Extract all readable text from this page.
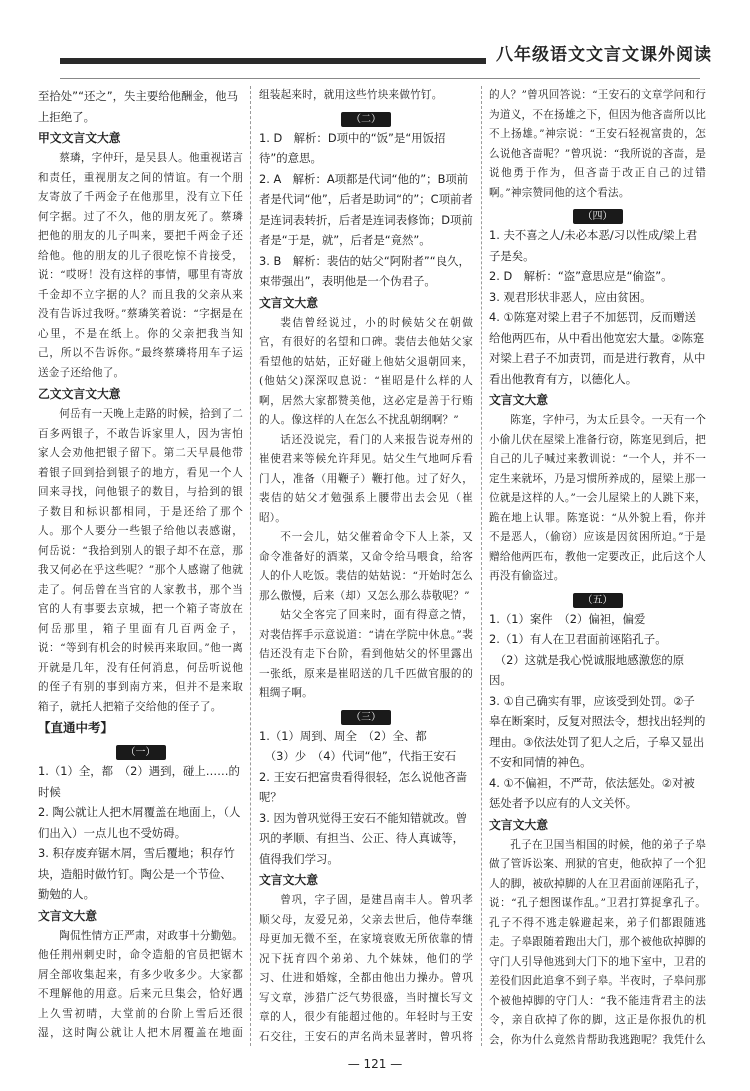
八年级语文文言文课外阅读

至拾处”“还之”，失主要给他酬金，他马上拒绝了。

甲文文言文大意

蔡璘，字仲玕，是吴县人。他重视诺言和责任，重视朋友之间的情谊。有一个朋友寄放了千两金子在他那里，没有立下任何字据。过了不久，他的朋友死了。蔡璘把他的朋友的儿子叫来，要把千两金子还给他。他的朋友的儿子很吃惊不肯接受，说：“哎呀！没有这样的事情，哪里有寄放千金却不立字据的人？而且我的父亲从来没有告诉过我呀。”蔡璘笑着说：“字据是在心里，不是在纸上。你的父亲把我当知己，所以不告诉你。”最终蔡璘将用车子运送金子还给他了。

乙文文言文大意

何岳有一天晚上走路的时候，拾到了二百多两银子，不敢告诉家里人，因为害怕家人会劝他把银子留下。第二天早晨他带着银子回到拾到银子的地方，看见一个人回来寻找，问他银子的数目，与拾到的银子数目和标识都相同，于是还给了那个人。那个人要分一些银子给他以表感谢，何岳说：“我拾到别人的银子却不在意，那我又何必在乎这些呢？”那个人感谢了他就走了。何岳曾在当官的人家教书，那个当官的人有事要去京城，把一个箱子寄放在何岳那里，箱子里面有几百两金子，说：“等到有机会的时候再来取回。”他一离开就是几年，没有任何消息，何岳听说他的侄子有别的事到南方来，但并不是来取箱子，就托人把箱子交给他的侄子了。

【直通中考】

（一）

1.（1）全，都　（2）遇到，碰上……的时候

2. 陶公就让人把木屑覆盖在地面上，（人们出入）一点儿也不受妨碍。

3. 积存废弃锯木屑，雪后覆地；积存竹块，造船时做竹钉。陶公是一个节俭、勤勉的人。

文言文大意

陶侃性情方正严肃，对政事十分勤勉。他任荆州刺史时，命令造船的官员把锯木屑全部收集起来，有多少收多少。大家都不理解他的用意。后来元旦集会，恰好遇上久雪初晴，大堂前的台阶上雪后还很湿，这时陶公就让人把木屑覆盖在地面

组装起来时，就用这些竹块来做竹钉。

（二）

1. D　解析：D项中的“饭”是“用饭招待”的意思。

2. A　解析：A项都是代词“他的”；B项前者是代词“他”，后者是助词“的”；C项前者是连词表转折，后者是连词表修饰；D项前者是“于是，就”，后者是“竟然”。

3. B　解析：裴佶的姑父“阿附者”“良久，束带强出”，表明他是一个伪君子。

文言文大意

裴佶曾经说过，小的时候姑父在朝做官，有很好的名望和口碑。裴佶去他姑父家看望他的姑姑，正好碰上他姑父退朝回来，(他姑父)深深叹息说：“崔昭是什么样的人啊，居然大家都赞美他，这必定是善于行贿的人。像这样的人在怎么不扰乱朝纲啊？”

话还没说完，看门的人来报告说寿州的崔使君来等候允许拜见。姑父生气地呵斥看门人，准备（用鞭子）鞭打他。过了好久，裴佶的姑父才勉强系上腰带出去会见（崔昭）。

不一会儿，姑父催着命令下人上茶，又命令准备好的酒菜，又命令给马喂食，给客人的仆人吃饭。裴佶的姑姑说：“开始时怎么那么傲慢，后来（却）又怎么那么恭敬呢？”

姑父全客完了回来时，面有得意之情，对裴佶挥手示意说道：“请在学院中休息。”裴佶还没有走下台阶，看到他姑父的怀里露出一张纸，原来是崔昭送的几千匹做官服的的粗绸子啊。

（三）

1.（1）周到、周全　（2）全、都

　（3）少　（4）代词“他”，代指王安石

2. 王安石把富贵看得很轻，怎么说他吝啬呢？

3. 因为曾巩觉得王安石不能知错就改。曾巩的孝顺、有担当、公正、待人真诚等，值得我们学习。

文言文大意

曾巩，字子固，是建昌南丰人。曾巩孝顺父母，友爱兄弟，父亲去世后，他侍奉继母更加无微不至，在家境衰败无所依靠的情况下抚育四个弟弟、九个妹妹，他们的学习、仕进和婚嫁，全都由他出力操办。曾巩写文章，涉猎广泛气势很盛，当时擅长写文章的人，很少有能超过他的。年轻时与王安石交往，王安石的声名尚未显著时，曾巩将

的人？”曾巩回答说：“王安石的文章学问和行为道义，不在扬雄之下，但因为他吝啬所以比不上扬雄。”神宗说：“王安石轻视富贵的，怎么说他吝啬呢？”曾巩说：“我所说的吝啬，是说他勇于作为，但吝啬于改正自己的过错啊。”神宗赞同他的这个看法。

（四）

1. 夫不喜之人/未必本恶/习以性成/梁上君子是矣。

2. D　解析：“盗”意思应是“偷盗”。

3. 观君形状非恶人，应由贫困。

4. ①陈寔对梁上君子不加惩罚，反而赠送给他两匹布，从中看出他宽宏大量。②陈寔对梁上君子不加责罚，而是进行教育，从中看出他教育有方，以德化人。

文言文大意

陈寔，字仲弓，为太丘县令。一天有一个小偷儿伏在屋梁上准备行窃，陈寔见到后，把自己的儿子喊过来教训说：“一个人，并不一定生来就坏，乃是习惯所养成的，屋梁上那一位就是这样的人。”一会儿屋梁上的人跳下来，跪在地上认罪。陈寔说：“从外貌上看，你并不是恶人，（偷窃）应该是因贫困所迫。”于是赠给他两匹布，教他一定要改正，此后这个人再没有偷盗过。

（五）

1.（1）案件　（2）偏袒，偏爱

2.（1）有人在卫君面前诬陷孔子。

　（2）这就是我心悦诚服地感激您的原因。

3. ①自己确实有罪，应该受到处罚。②子皋在断案时，反复对照法令，想找出轻判的理由。③依法处罚了犯人之后，子皋又显出不安和同情的神色。

4. ①不偏袒，不严苛，依法惩处。②对被惩处者予以应有的人文关怀。

文言文大意

孔子在卫国当相国的时候，他的弟子子皋做了管诉讼案、刑狱的官吏，他砍掉了一个犯人的脚，被砍掉脚的人在卫君面前诬陷孔子，说：“孔子想图谋作乱。”卫君打算捉拿孔子。孔子不得不逃走躲避起来，弟子们都跟随逃走。子皋跟随着跑出大门，那个被他砍掉脚的守门人引导他逃到大门下的地下室中，卫君的差役们因此追拿不到子皋。半夜时，子皋问那个被他掉脚的守门人：“我不能违背君主的法令，亲自砍掉了你的脚，这正是你报仇的机会，你为什么竟然肯帮助我逃跑呢？我凭什么

— 121 —
